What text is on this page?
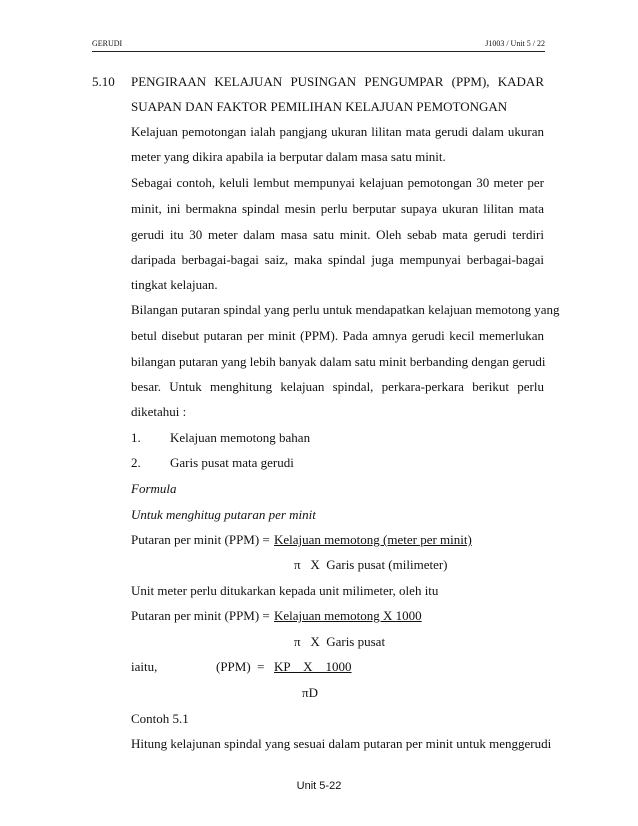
GERUDI	J1003 / Unit 5 / 22
5.10 PENGIRAAN KELAJUAN PUSINGAN PENGUMPAR (PPM), KADAR
SUAPAN DAN FAKTOR PEMILIHAN KELAJUAN PEMOTONGAN
Kelajuan pemotongan ialah pangjang ukuran lilitan mata gerudi dalam ukuran
meter yang dikira apabila ia berputar dalam masa satu minit.
Sebagai contoh, keluli lembut mempunyai kelajuan pemotongan 30 meter per
minit, ini bermakna spindal mesin perlu berputar supaya ukuran lilitan mata
gerudi itu 30 meter dalam masa satu minit. Oleh sebab mata gerudi terdiri
daripada berbagai-bagai saiz, maka spindal juga mempunyai berbagai-bagai
tingkat kelajuan.
Bilangan putaran spindal yang perlu untuk mendapatkan kelajuan memotong yang
betul disebut putaran per minit (PPM). Pada amnya gerudi kecil memerlukan
bilangan putaran yang lebih banyak dalam satu minit berbanding dengan gerudi
besar. Untuk menghitung kelajuan spindal, perkara-perkara berikut perlu
diketahui :
1. Kelajuan memotong bahan
2. Garis pusat mata gerudi
Formula
Untuk menghitug putaran per minit
Putaran per minit (PPM) = Kelajuan memotong (meter per minit)
π   X  Garis pusat (milimeter)
Unit meter perlu ditukarkan kepada unit milimeter, oleh itu
Putaran per minit (PPM) = Kelajuan memotong X 1000
π   X  Garis pusat
iaitu,	(PPM)  = KP    X    1000
πD
Contoh 5.1
Hitung kelajunan spindal yang sesuai dalam putaran per minit untuk menggerudi
Unit 5-22
